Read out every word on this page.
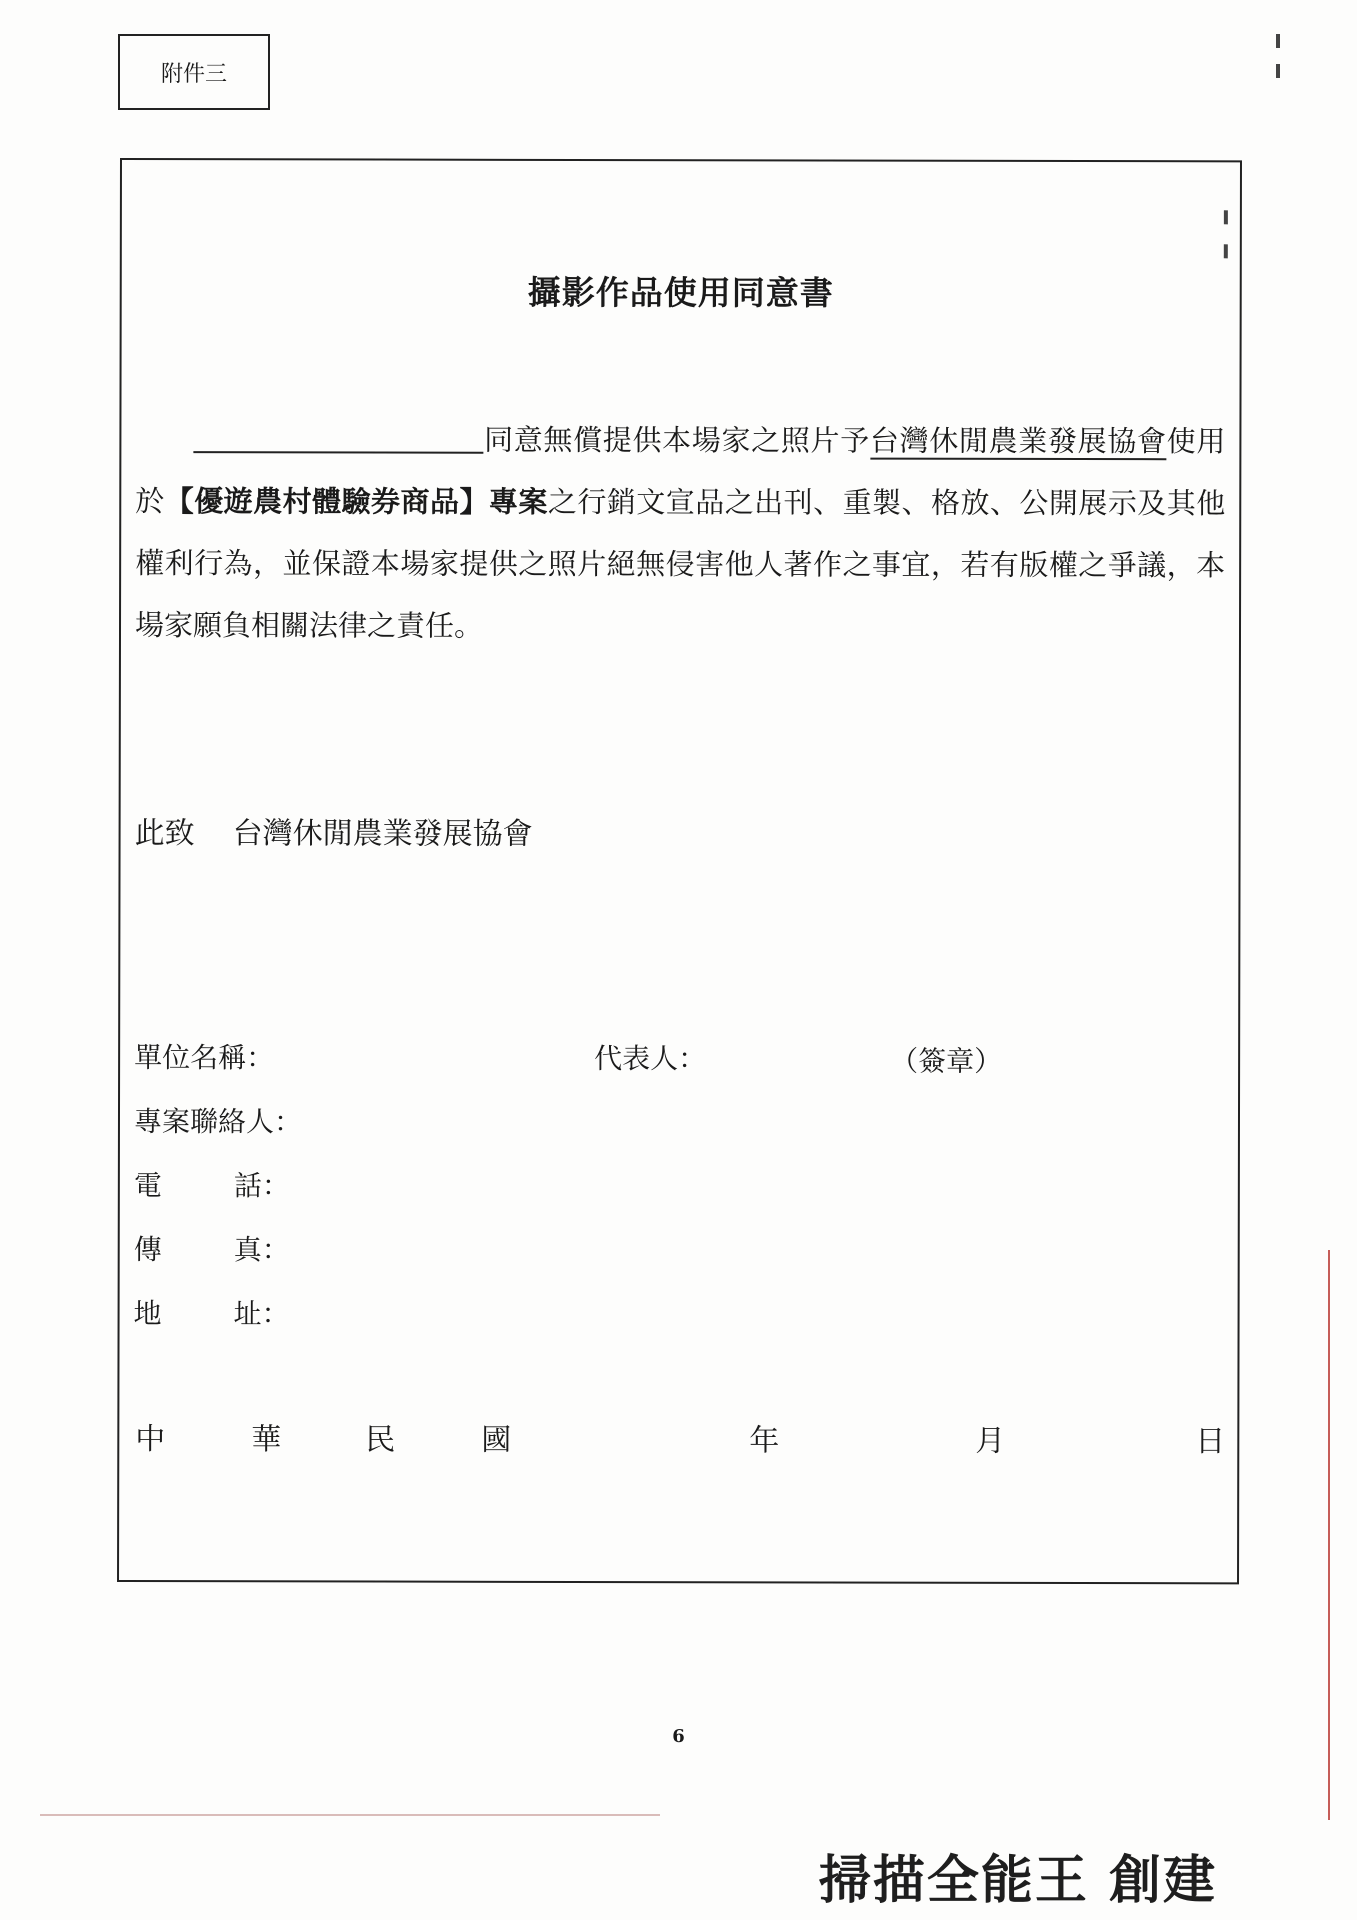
附件三
攝影作品使用同意書
同意無償提供本場家之照片予台灣休閒農業發展協會使用於【優遊農村體驗券商品】專案之行銷文宣品之出刊、重製、格放、公開展示及其他權利行為，並保證本場家提供之照片絕無侵害他人著作之事宜，若有版權之爭議，本場家願負相關法律之責任。
此致 台灣休閒農業發展協會
單位名稱：	代表人：	（簽章）
專案聯絡人：
電	話：
傳	真：
地	址：
中	華	民	國	年	月	日
6
掃描全能王 創建
